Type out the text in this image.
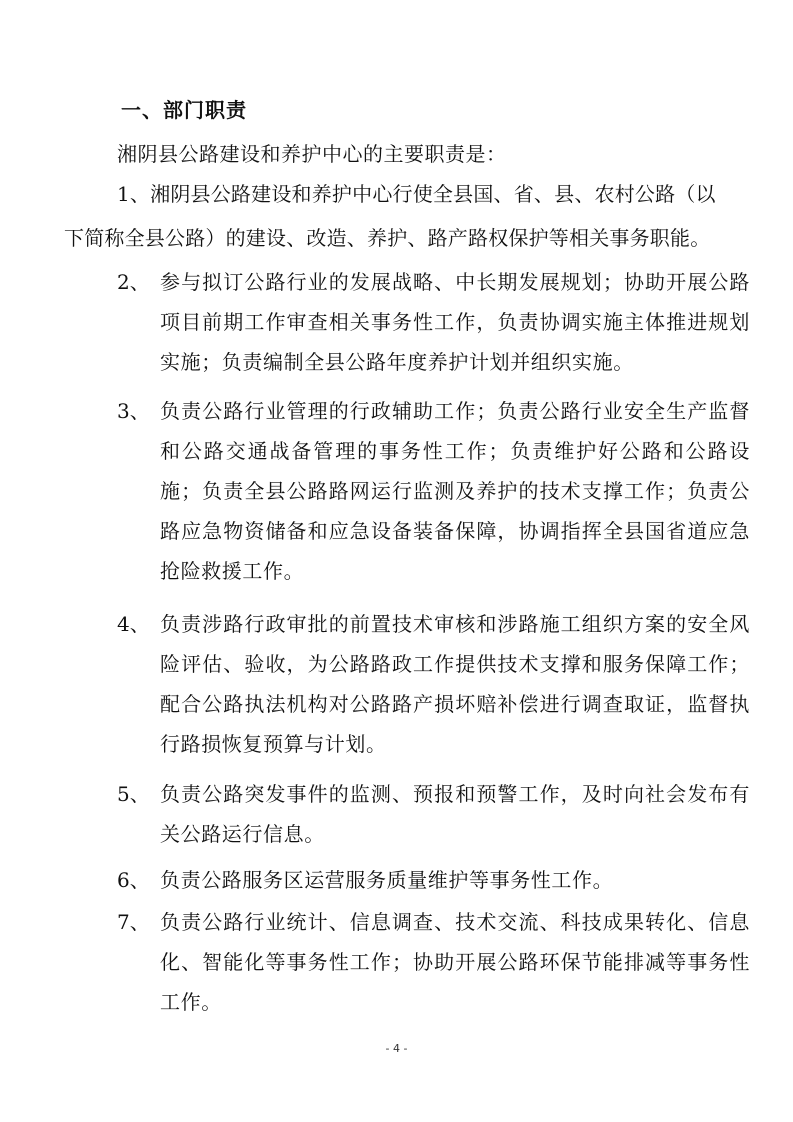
一、部门职责
湘阴县公路建设和养护中心的主要职责是：
1、湘阴县公路建设和养护中心行使全县国、省、县、农村公路（以
下简称全县公路）的建设、改造、养护、路产路权保护等相关事务职能。
2、 参与拟订公路行业的发展战略、中长期发展规划；协助开展公路项目前期工作审查相关事务性工作，负责协调实施主体推进规划实施；负责编制全县公路年度养护计划并组织实施。
3、 负责公路行业管理的行政辅助工作；负责公路行业安全生产监督和公路交通战备管理的事务性工作；负责维护好公路和公路设施；负责全县公路路网运行监测及养护的技术支撑工作；负责公路应急物资储备和应急设备装备保障，协调指挥全县国省道应急抢险救援工作。
4、 负责涉路行政审批的前置技术审核和涉路施工组织方案的安全风险评估、验收，为公路路政工作提供技术支撑和服务保障工作；配合公路执法机构对公路路产损坏赔补偿进行调查取证，监督执行路损恢复预算与计划。
5、 负责公路突发事件的监测、预报和预警工作，及时向社会发布有关公路运行信息。
6、 负责公路服务区运营服务质量维护等事务性工作。
7、 负责公路行业统计、信息调查、技术交流、科技成果转化、信息化、智能化等事务性工作；协助开展公路环保节能排减等事务性工作。
- 4 -
